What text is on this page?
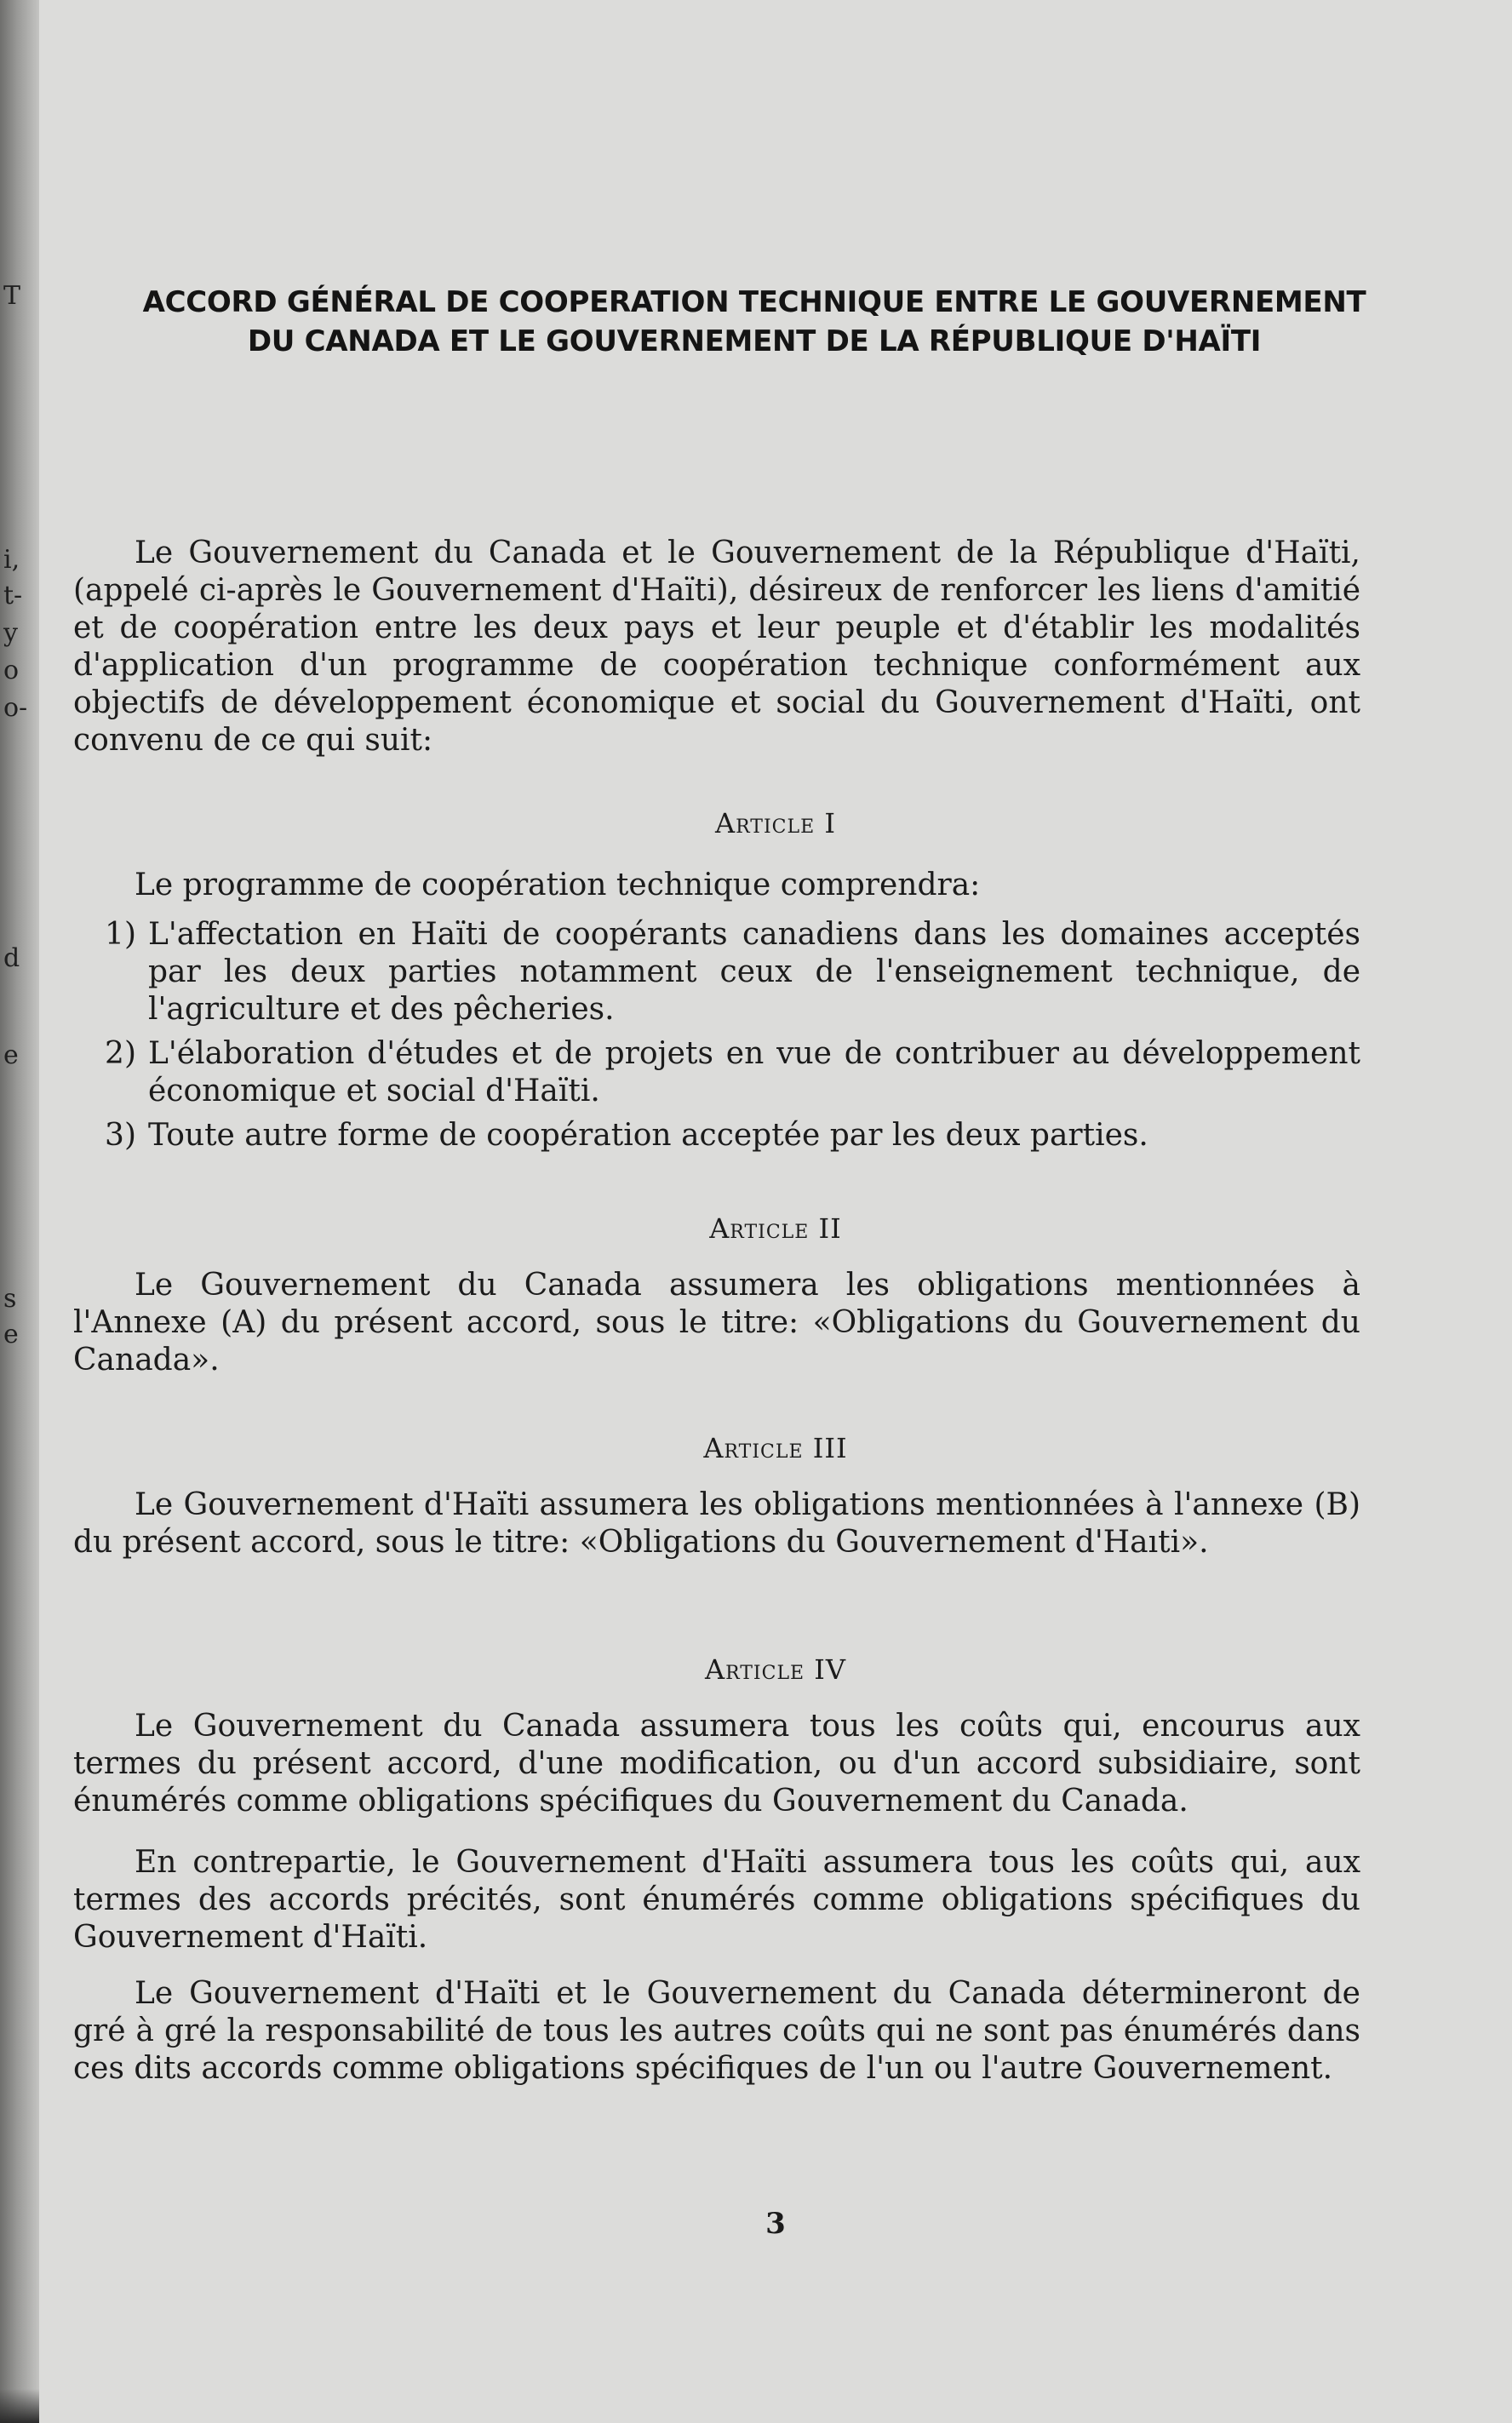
T
i,
t-
y
o
o-
d
e
s
e
ACCORD GÉNÉRAL DE COOPERATION TECHNIQUE ENTRE LE GOUVERNEMENT
DU CANADA ET LE GOUVERNEMENT DE LA RÉPUBLIQUE D'HAÏTI

Le Gouvernement du Canada et le Gouvernement de la République d'Haïti, (appelé ci-après le Gouvernement d'Haïti), désireux de renforcer les liens d'amitié et de coopération entre les deux pays et leur peuple et d'établir les modalités d'application d'un programme de coopération technique conformément aux objectifs de développement économique et social du Gouvernement d'Haïti, ont convenu de ce qui suit:

Article I

Le programme de coopération technique comprendra:

1) L'affectation en Haïti de coopérants canadiens dans les domaines acceptés par les deux parties notamment ceux de l'enseignement technique, de l'agriculture et des pêcheries.
2) L'élaboration d'études et de projets en vue de contribuer au développement économique et social d'Haïti.
3) Toute autre forme de coopération acceptée par les deux parties.
Article II

Le Gouvernement du Canada assumera les obligations mentionnées à l'Annexe (A) du présent accord, sous le titre: «Obligations du Gouvernement du Canada».

Article III

Le Gouvernement d'Haïti assumera les obligations mentionnées à l'annexe (B) du présent accord, sous le titre: «Obligations du Gouvernement d'Haıti».

Article IV

Le Gouvernement du Canada assumera tous les coûts qui, encourus aux termes du présent accord, d'une modification, ou d'un accord subsidiaire, sont énumérés comme obligations spécifiques du Gouvernement du Canada.

En contrepartie, le Gouvernement d'Haïti assumera tous les coûts qui, aux termes des accords précités, sont énumérés comme obligations spécifiques du Gouvernement d'Haïti.

Le Gouvernement d'Haïti et le Gouvernement du Canada détermineront de gré à gré la responsabilité de tous les autres coûts qui ne sont pas énumérés dans ces dits accords comme obligations spécifiques de l'un ou l'autre Gouvernement.

3
